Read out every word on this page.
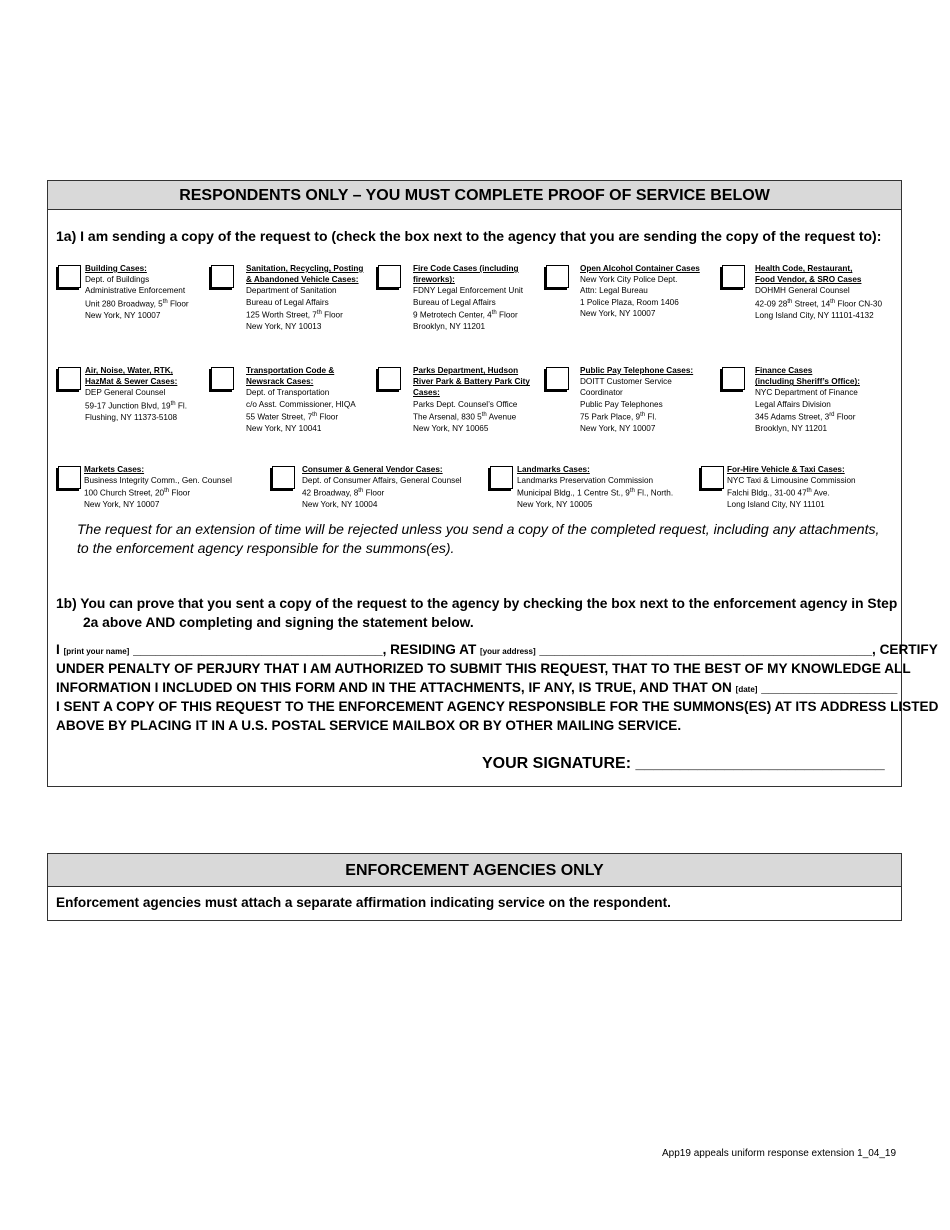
RESPONDENTS ONLY – YOU MUST COMPLETE PROOF OF SERVICE BELOW
1a) I am sending a copy of the request to (check the box next to the agency that you are sending the copy of the request to):
Building Cases:
Dept. of Buildings
Administrative Enforcement
Unit 280 Broadway, 5th Floor
New York, NY 10007
Sanitation, Recycling, Posting
& Abandoned Vehicle Cases:
Department of Sanitation
Bureau of Legal Affairs
125 Worth Street, 7th Floor
New York, NY 10013
Fire Code Cases (including
fireworks):
FDNY Legal Enforcement Unit
Bureau of Legal Affairs
9 Metrotech Center, 4th Floor
Brooklyn, NY 11201
Open Alcohol Container Cases
New York City Police Dept.
Attn: Legal Bureau
1 Police Plaza, Room 1406
New York, NY 10007
Health Code, Restaurant,
Food Vendor, & SRO Cases
DOHMH General Counsel
42-09 28th Street, 14th Floor CN-30
Long Island City, NY 11101-4132
Air, Noise, Water, RTK,
HazMat & Sewer Cases:
DEP General Counsel
59-17 Junction Blvd, 19th Fl.
Flushing, NY 11373-5108
Transportation Code &
Newsrack Cases:
Dept. of Transportation
c/o Asst. Commissioner, HIQA
55 Water Street, 7th Floor
New York, NY 10041
Parks Department, Hudson
River Park & Battery Park City
Cases:
Parks Dept. Counsel’s Office
The Arsenal, 830 5th Avenue
New York, NY 10065
Public Pay Telephone Cases:
DOITT Customer Service
Coordinator
Public Pay Telephones
75 Park Place, 9th Fl.
New York, NY 10007
Finance Cases
(including Sheriff’s Office):
NYC Department of Finance
Legal Affairs Division
345 Adams Street, 3rd Floor
Brooklyn, NY 11201
Markets Cases:
Business Integrity Comm., Gen. Counsel
100 Church Street, 20th Floor
New York, NY 10007
Consumer & General Vendor Cases:
Dept. of Consumer Affairs, General Counsel
42 Broadway, 8th Floor
New York, NY 10004
Landmarks Cases:
Landmarks Preservation Commission
Municipal Bldg., 1 Centre St., 9th Fl., North.
New York, NY 10005
For-Hire Vehicle & Taxi Cases:
NYC Taxi & Limousine Commission
Falchi Bldg., 31-00 47th Ave.
Long Island City, NY 11101
The request for an extension of time will be rejected unless you send a copy of the completed request, including any attachments,
to the enforcement agency responsible for the summons(es).
1b) You can prove that you sent a copy of the request to the agency by checking the box next to the enforcement agency in Step
2a above AND completing and signing the statement below.
I [print your name] _________________________________, RESIDING AT [your address] ____________________________________________, CERTIFY
UNDER PENALTY OF PERJURY THAT I AM AUTHORIZED TO SUBMIT THIS REQUEST, THAT TO THE BEST OF MY KNOWLEDGE ALL
INFORMATION I INCLUDED ON THIS FORM AND IN THE ATTACHMENTS, IF ANY, IS TRUE, AND THAT ON [date] __________________
I SENT A COPY OF THIS REQUEST TO THE ENFORCEMENT AGENCY RESPONSIBLE FOR THE SUMMONS(ES) AT ITS ADDRESS LISTED
ABOVE BY PLACING IT IN A U.S. POSTAL SERVICE MAILBOX OR BY OTHER MAILING SERVICE.
YOUR SIGNATURE: ____________________________
ENFORCEMENT AGENCIES ONLY
Enforcement agencies must attach a separate affirmation indicating service on the respondent.
App19 appeals uniform response extension 1_04_19
